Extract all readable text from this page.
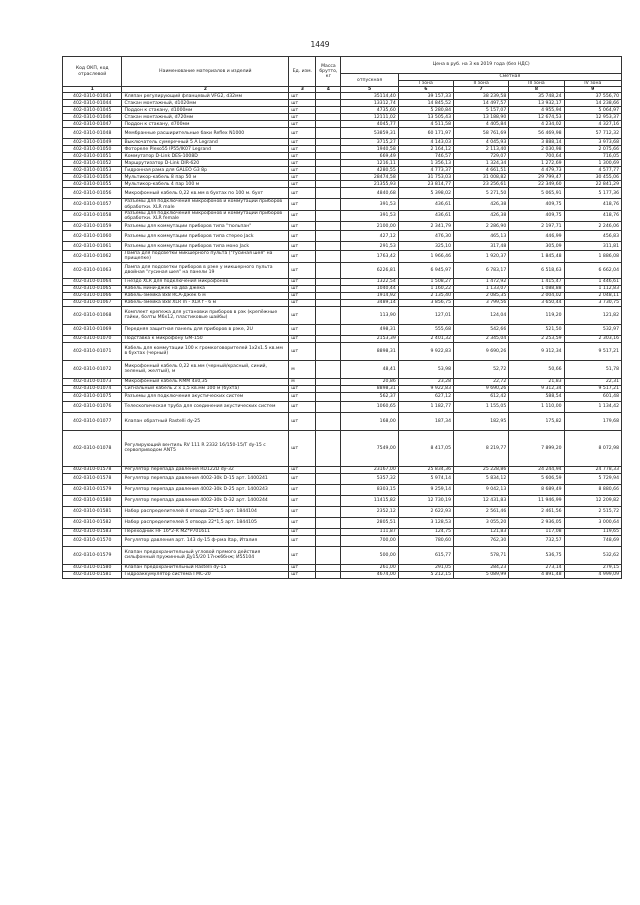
1449
Код ОКП, код отраслевой	Наименование материалов и изделий	Ед. изм.	Масса брутто, кг	Цена в руб. на 3 кв 2019 года (без НДС)				
				отпускная	Сметная			
					I зона	II зона	III зона	IV зона
1	2	3	4	5	6	7	8	9
402-0310-01043	Кляпан регулирующий фланцевый VFG2, d32мм	шт		35114,40	39 157,33	38 239,58	35 748,24	37 556,70
402-0310-01044	Стакан монтажный, d1020мм	шт		13312,74	14 845,52	14 497,57	13 932,17	14 238,66
402-0310-01045	Поддон к стакану, d1000мм	шт		4735,60	5 280,84	5 157,07	4 955,94	5 064,97
402-0310-01046	Стакан монтажный, d720мм	шт		12111,02	13 505,43	13 188,90	12 674,53	12 953,37
402-0310-01047	Поддон к стакану, d700мм	шт		4045,77	4 511,58	4 405,84	4 234,02	4 327,16
402-0310-01048	Мембранные расширительные баки Reflex N1000	шт		53859,31	60 171,97	58 761,69	56 469,98	57 712,32
402-0310-01049	Выключатель сумеречный 5 А Legrand	шт		3715,27	4 143,03	4 045,93	3 888,14	3 973,68
402-0310-01050	Фотореле Plexo55 IP55/IK07 Legrand	шт		1940,58	2 164,12	2 113,40	2 030,98	2 075,66
402-0310-01051	Коммутатор D-Link DES-1008D	шт		669,49	746,57	729,07	700,64	716,05
402-0310-01052	Маршрутизатор D-Link DIR-620	шт		1216,11	1 356,13	1 324,34	1 272,69	1 300,69
402-0310-01053	Гидронная рама для GALEO G3 8р	шт		4280,55	4 773,37	4 661,51	4 479,73	4 577,77
402-0310-01054	Мультикор-кабель 8 пар 50 м	шт		28474,58	31 753,03	31 008,82	29 799,47	30 455,06
402-0310-01055	Мультикор-кабель 4 пар 100 м	шт		21355,93	23 814,77	23 256,61	22 349,60	22 841,29
402-0310-01056	Микрофонный кабель 0,22 кв.мм в бухтах по 100 м. бухт	шт		4840,68	5 398,02	5 271,50	5 065,91	5 177,36
402-0310-01057	Разъемы для подключения микрофонов и коммутации приборов обработки. XLR male	шт		391,53	436,61	426,38	409,75	418,76
402-0310-01058	Разъемы для подключения микрофонов и коммутации приборов обработки. XLR female	шт		391,53	436,61	426,38	409,75	418,76
402-0310-01059	Разъемы для коммутации приборов типа "тюльпан"	шт		2100,00	2 341,79	2 286,90	2 197,71	2 246,06
402-0310-01060	Разъемы для коммутации приборов типа стерео Jack	шт		427,12	476,30	465,13	446,99	456,83
402-0310-01061	Разъемы для коммутации приборов типа моно Jack	шт		291,53	325,10	317,48	305,09	311,81
402-0310-01062	Лампа для подсветки микшерного пульта ("гусиная шея" на прищепке)	шт		1763,42	1 966,46	1 920,37	1 845,48	1 886,08
402-0310-01063	Лампа для подсветки приборов в рэке у микшерного пульта двойная "гусиная шея" на панели 19	шт		6226,81	6 945,97	6 783,17	6 518,63	6 662,04
402-0310-01064	Гнездо XLR для подключения микрофонов	шт		1322,54	1 508,27	1 472,92	1 415,47	1 446,61
402-0310-01065	Кабель мини-джек на два джека	шт		1040,44	1 160,22	1 133,07	1 088,88	1 112,83
402-0310-01066	Кабель-змейка 8x8 RCA-Джек 6 м	шт		1914,92	2 135,40	2 085,35	2 004,02	2 048,11
402-0310-01067	Кабель-змейка 8x8 XLR m - XLR f - 6 м	шт		3489,14	3 856,75	3 799,56	3 650,44	3 730,75
402-0310-01068	Комплект крепежа для установки приборов в рэк (крепёжные гайки, болты M6x12, пластиковые шайбы)	шт		113,90	127,01	124,04	119,20	121,82
402-0310-01069	Передняя защитная панель для приборов в рэке, 2U	шт		498,31	555,68	542,66	521,50	532,97
402-0310-01070	Подставка к микрофону GM-150	шт		2153,39	2 401,32	2 345,04	2 253,59	2 303,16
402-0310-01071	Кабель для коммутации 100 к громкоговорителей 1x2x1.5 кв.мм в бухтах (черный)	шт		8898,31	9 922,83	9 690,26	9 312,34	9 517,21
402-0310-01072	Микрофонный кабель 0,22 кв.мм (черный/красный, синий, зеленый, желтый), м	м		48,41	53,98	52,72	50,66	51,78
402-0310-01073	Микрофонный кабель КММ 4x0,35	м		20,86	23,28	22,72	21,83	22,31
402-0310-01074	Сигнальный кабель 2 х 1,5 кв.мм 100 м (бухта)	шт		8898,31	9 922,83	9 690,26	9 312,34	9 517,21
402-0310-01075	Разъемы для подключения акустических систем	шт		562,37	627,12	612,42	588,54	601,48
402-0310-01076	Телескопическая труба для соединения акустических систем	шт		1060,65	1 182,77	1 155,05	1 110,00	1 134,42
402-0310-01077	Клапан обратный Rastelli dy-25	шт		168,00	187,34	182,95	175,82	179,68
402-0310-01078	Регулирующий вентиль RV 111 R 2332 16/150-15/T dy-15 с сервоприводом ANT5	шт		7549,00	8 417,05	8 219,77	7 899,20	8 072,98
402-0310-01578	Регулятор перепада давления RD122D dy-32	шт		23167,00	25 834,36	25 228,86	24 244,94	24 778,33
402-0310-01578	Регулятор перепада давления 4002-30k D-15 арт. 1400241	шт		5357,32	5 974,14	5 834,12	5 606,59	5 729,94
402-0310-01579	Регулятор перепада давления 4002-30k D-25 арт. 1400243	шт		8303,15	9 259,14	9 042,13	8 689,49	8 880,66
402-0310-01580	Регулятор перепада давления 4002-30k D-32 арт. 1400244	шт		11415,82	12 730,19	12 431,83	11 946,99	12 209,82
402-0310-01581	Набор распределителей 4 отвода 22*1,5 арт. 1844104	шт		2352,12	2 622,93	2 561,46	2 461,56	2 515,72
402-0310-01582	Набор распределителей 5 отвода 22*1,5 арт. 1844105	шт		2805,51	3 128,53	3 055,20	2 936,05	3 000,64
402-0310-01583	Переходник HF 16*2-R MZ*P701611	шт		111,87	124,75	121,83	117,08	119,65
402-0310-01570	Регулятор давления арт. 143 dy-15 ф-рма Itap, Италия	шт		700,00	780,60	762,30	732,57	748,69
402-0310-01579	Клапан предохранительный угловой прямого действия сильфонный пружинный Ду15/20 17нж6бнж; И55104	шт		500,00	615,77	578,71	536,75	532,62
402-0310-01580	Клапан предохранительный Rastelli dy-15	шт		261,00	291,05	284,23	273,14	279,15
402-0310-01581	Гидроаккумулятор система ГМС-20	шт		4674,00	5 212,15	5 089,99	4 891,48	4 999,09
